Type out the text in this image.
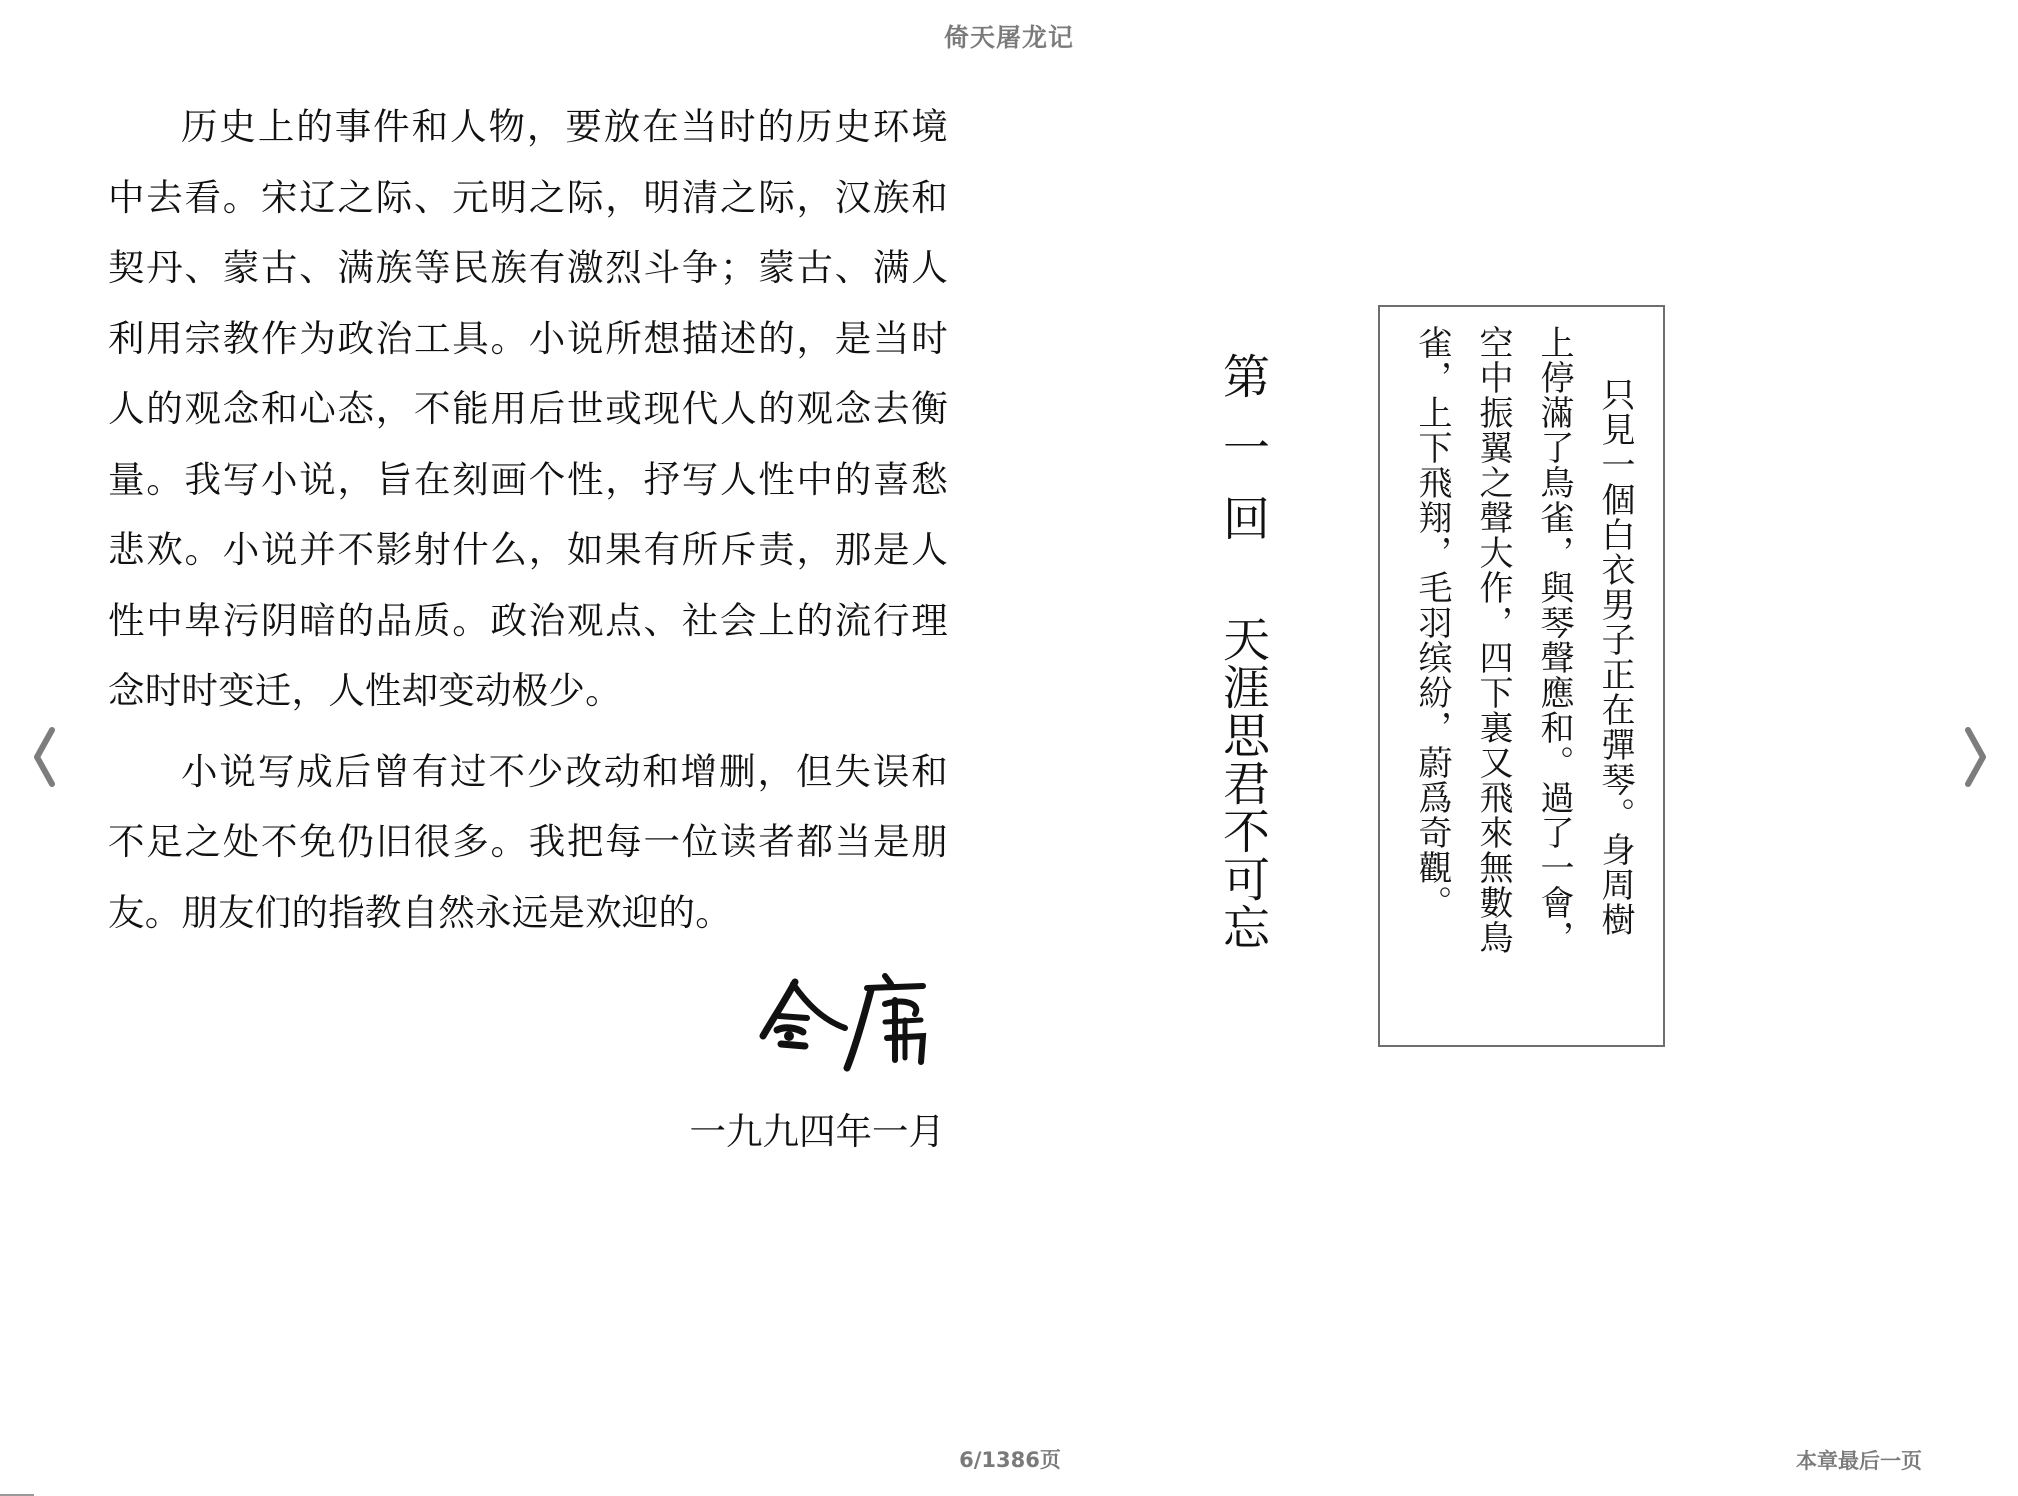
倚天屠龙记

历史上的事件和人物，要放在当时的历史环境中去看。宋辽之际、元明之际，明清之际，汉族和契丹、蒙古、满族等民族有激烈斗争；蒙古、满人利用宗教作为政治工具。小说所想描述的，是当时人的观念和心态，不能用后世或现代人的观念去衡量。我写小说，旨在刻画个性，抒写人性中的喜愁悲欢。小说并不影射什么，如果有所斥责，那是人性中卑污阴暗的品质。政治观点、社会上的流行理念时时变迁，人性却变动极少。

小说写成后曾有过不少改动和增删，但失误和不足之处不免仍旧很多。我把每一位读者都当是朋友。朋友们的指教自然永远是欢迎的。

一九九四年一月
第一回天涯思君不可忘	只見一個白衣男子正在彈琴。身周樹
上停滿了鳥雀，與琴聲應和。過了一會，
空中振翼之聲大作，四下裏又飛來無數鳥
雀，上下飛翔，毛羽缤紛，蔚爲奇觀。
6/1386页	本章最后一页
